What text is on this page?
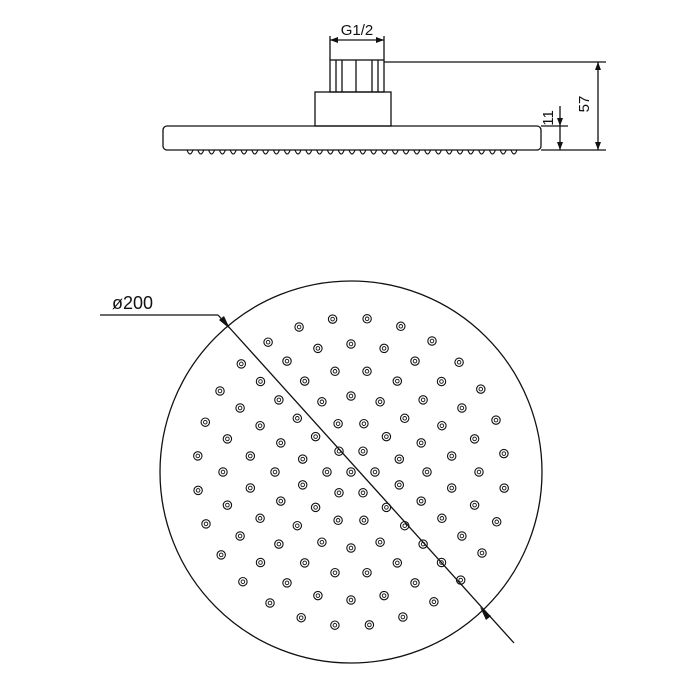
G1/2
57
11
ø200
